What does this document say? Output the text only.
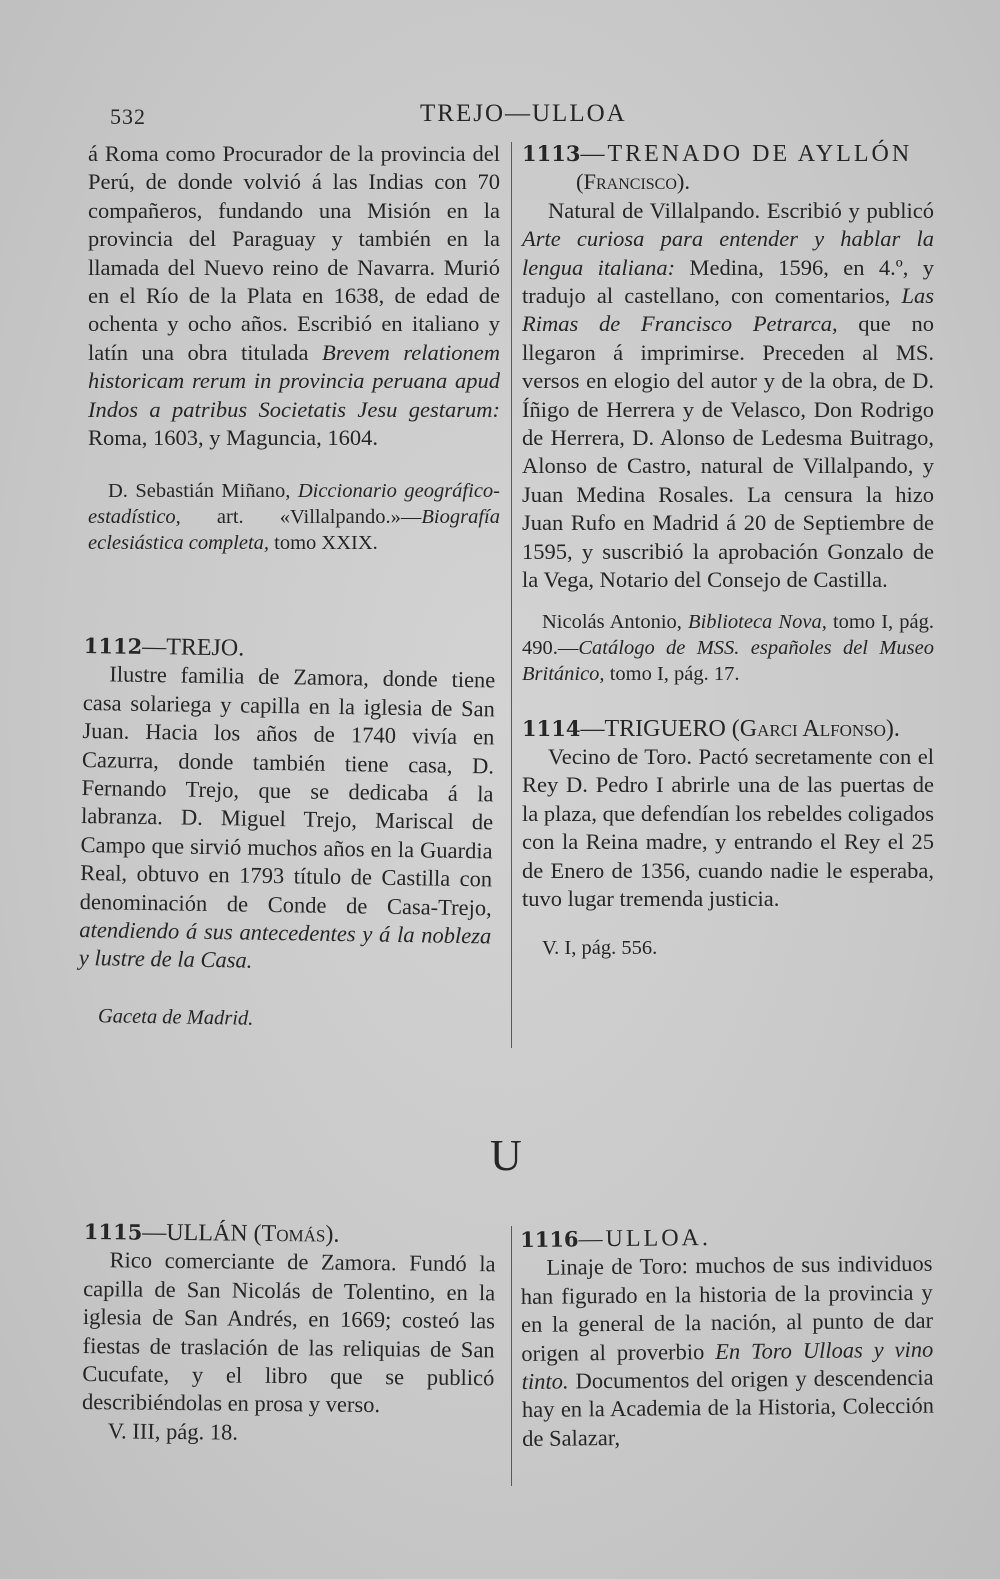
532	TREJO—ULLOA

á Roma como Procurador de la provincia del Perú, de donde volvió á las Indias con 70 compañeros, fundando una Misión en la provincia del Paraguay y también en la llamada del Nuevo reino de Navarra. Murió en el Río de la Plata en 1638, de edad de ochenta y ocho años. Escribió en italiano y latín una obra titulada Brevem relationem historicam rerum in provincia peruana apud Indos a patribus Societatis Jesu gestarum: Roma, 1603, y Maguncia, 1604.

D. Sebastián Miñano, Diccionario geográfico-estadístico, art. «Villalpando.»—Biografía eclesiástica completa, tomo XXIX.

1112—TREJO.

Ilustre familia de Zamora, donde tiene casa solariega y capilla en la iglesia de San Juan. Hacia los años de 1740 vivía en Cazurra, donde también tiene casa, D. Fernando Trejo, que se dedicaba á la labranza. D. Miguel Trejo, Mariscal de Campo que sirvió muchos años en la Guardia Real, obtuvo en 1793 título de Castilla con denominación de Conde de Casa-Trejo, atendiendo á sus antecedentes y á la nobleza y lustre de la Casa.

Gaceta de Madrid.

1113—TRENADO DE AYLLÓN

(Francisco).

Natural de Villalpando. Escribió y publicó Arte curiosa para entender y hablar la lengua italiana: Medina, 1596, en 4.º, y tradujo al castellano, con comentarios, Las Rimas de Francisco Petrarca, que no llegaron á imprimirse. Preceden al MS. versos en elogio del autor y de la obra, de D. Íñigo de Herrera y de Velasco, Don Rodrigo de Herrera, D. Alonso de Ledesma Buitrago, Alonso de Castro, natural de Villalpando, y Juan Medina Rosales. La censura la hizo Juan Rufo en Madrid á 20 de Septiembre de 1595, y suscribió la aprobación Gonzalo de la Vega, Notario del Consejo de Castilla.

Nicolás Antonio, Biblioteca Nova, tomo I, pág. 490.—Catálogo de MSS. españoles del Museo Británico, tomo I, pág. 17.

1114—TRIGUERO (Garci Alfonso).

Vecino de Toro. Pactó secretamente con el Rey D. Pedro I abrirle una de las puertas de la plaza, que defendían los rebeldes coligados con la Reina madre, y entrando el Rey el 25 de Enero de 1356, cuando nadie le esperaba, tuvo lugar tremenda justicia.

V. I, pág. 556.

U

1115—ULLÁN (Tomás).

Rico comerciante de Zamora. Fundó la capilla de San Nicolás de Tolentino, en la iglesia de San Andrés, en 1669; costeó las fiestas de traslación de las reliquias de San Cucufate, y el libro que se publicó describiéndolas en prosa y verso.

V. III, pág. 18.

1116—ULLOA.

Linaje de Toro: muchos de sus individuos han figurado en la historia de la provincia y en la general de la nación, al punto de dar origen al proverbio En Toro Ulloas y vino tinto. Documentos del origen y descendencia hay en la Academia de la Historia, Colección de Salazar,
